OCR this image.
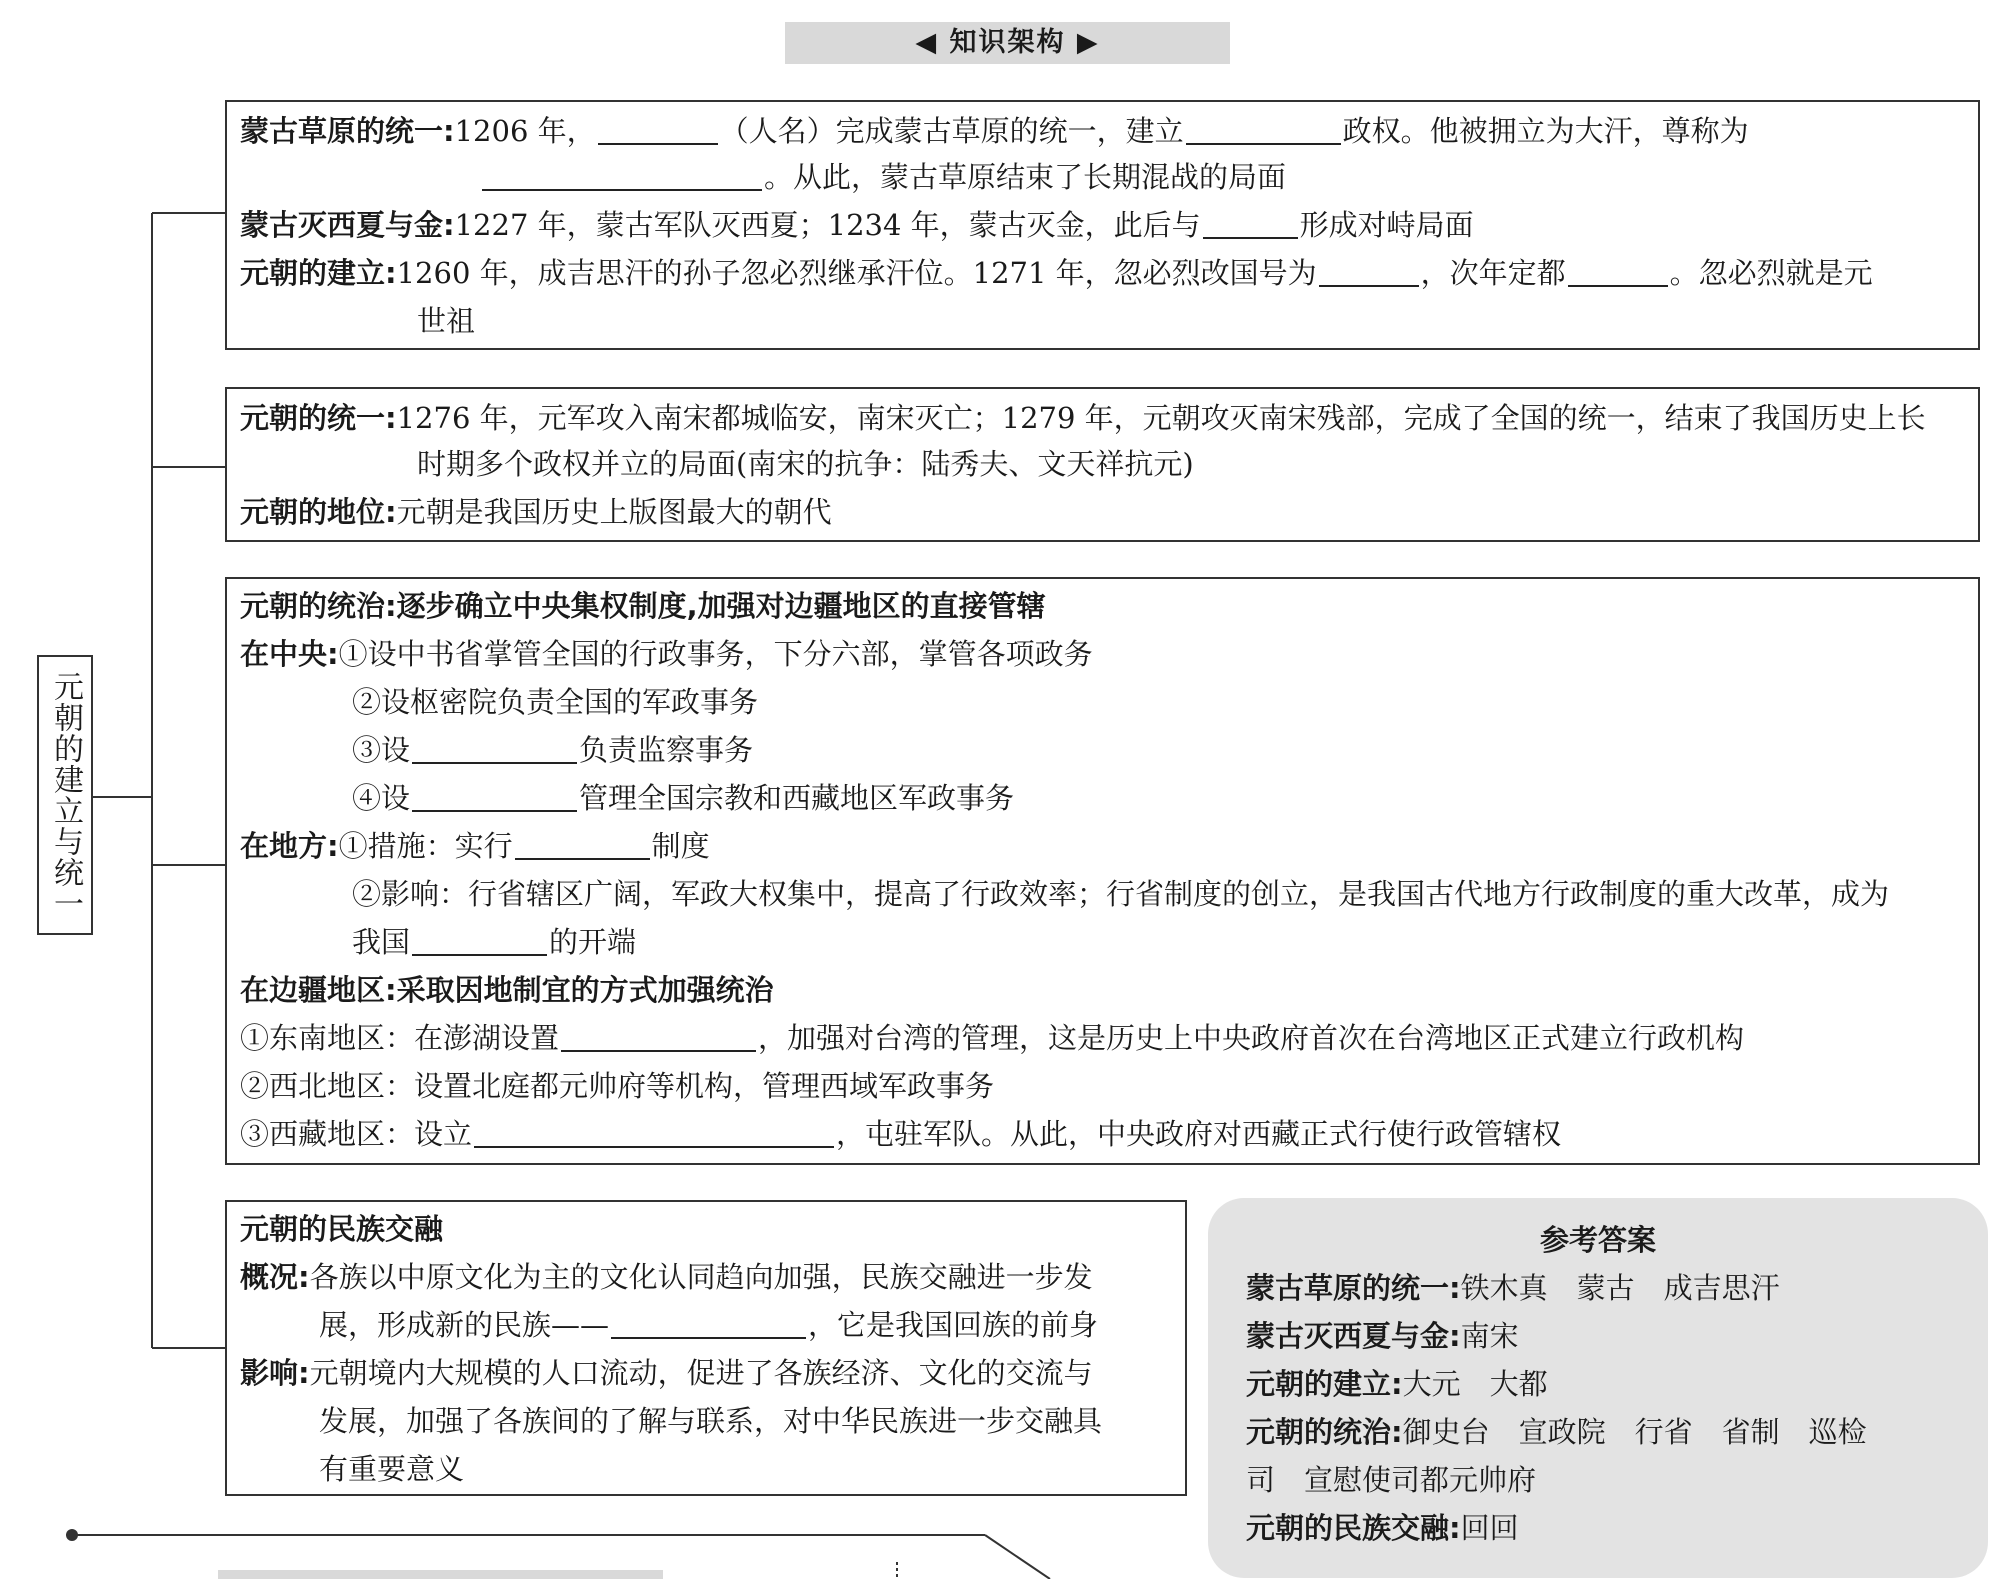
◀ 知识架构 ▶
元朝的建立与统一
蒙古草原的统一:1206 年，	（人名）完成蒙古草原的统一，建立	政权。他被拥立为大汗，尊称为
。从此，蒙古草原结束了长期混战的局面
蒙古灭西夏与金:1227 年，蒙古军队灭西夏；1234 年，蒙古灭金，此后与	形成对峙局面
元朝的建立:1260 年，成吉思汗的孙子忽必烈继承汗位。1271 年，忽必烈改国号为	，次年定都	。忽必烈就是元
世祖
元朝的统一:1276 年，元军攻入南宋都城临安，南宋灭亡；1279 年，元朝攻灭南宋残部，完成了全国的统一，结束了我国历史上长
时期多个政权并立的局面(南宋的抗争：陆秀夫、文天祥抗元)
元朝的地位:元朝是我国历史上版图最大的朝代
元朝的统治:逐步确立中央集权制度,加强对边疆地区的直接管辖
在中央:①设中书省掌管全国的行政事务，下分六部，掌管各项政务
②设枢密院负责全国的军政事务
③设	负责监察事务
④设	管理全国宗教和西藏地区军政事务
在地方:①措施：实行	制度
②影响：行省辖区广阔，军政大权集中，提高了行政效率；行省制度的创立，是我国古代地方行政制度的重大改革，成为
我国	的开端
在边疆地区:采取因地制宜的方式加强统治
①东南地区：在澎湖设置	，加强对台湾的管理，这是历史上中央政府首次在台湾地区正式建立行政机构
②西北地区：设置北庭都元帅府等机构，管理西域军政事务
③西藏地区：设立	，屯驻军队。从此，中央政府对西藏正式行使行政管辖权
元朝的民族交融
概况:各族以中原文化为主的文化认同趋向加强，民族交融进一步发
展，形成新的民族——	，它是我国回族的前身
影响:元朝境内大规模的人口流动，促进了各族经济、文化的交流与
发展，加强了各族间的了解与联系，对中华民族进一步交融具
有重要意义
参考答案
蒙古草原的统一:铁木真　蒙古　成吉思汗
蒙古灭西夏与金:南宋
元朝的建立:大元　大都
元朝的统治:御史台　宣政院　行省　省制　巡检
司　宣慰使司都元帅府
元朝的民族交融:回回
